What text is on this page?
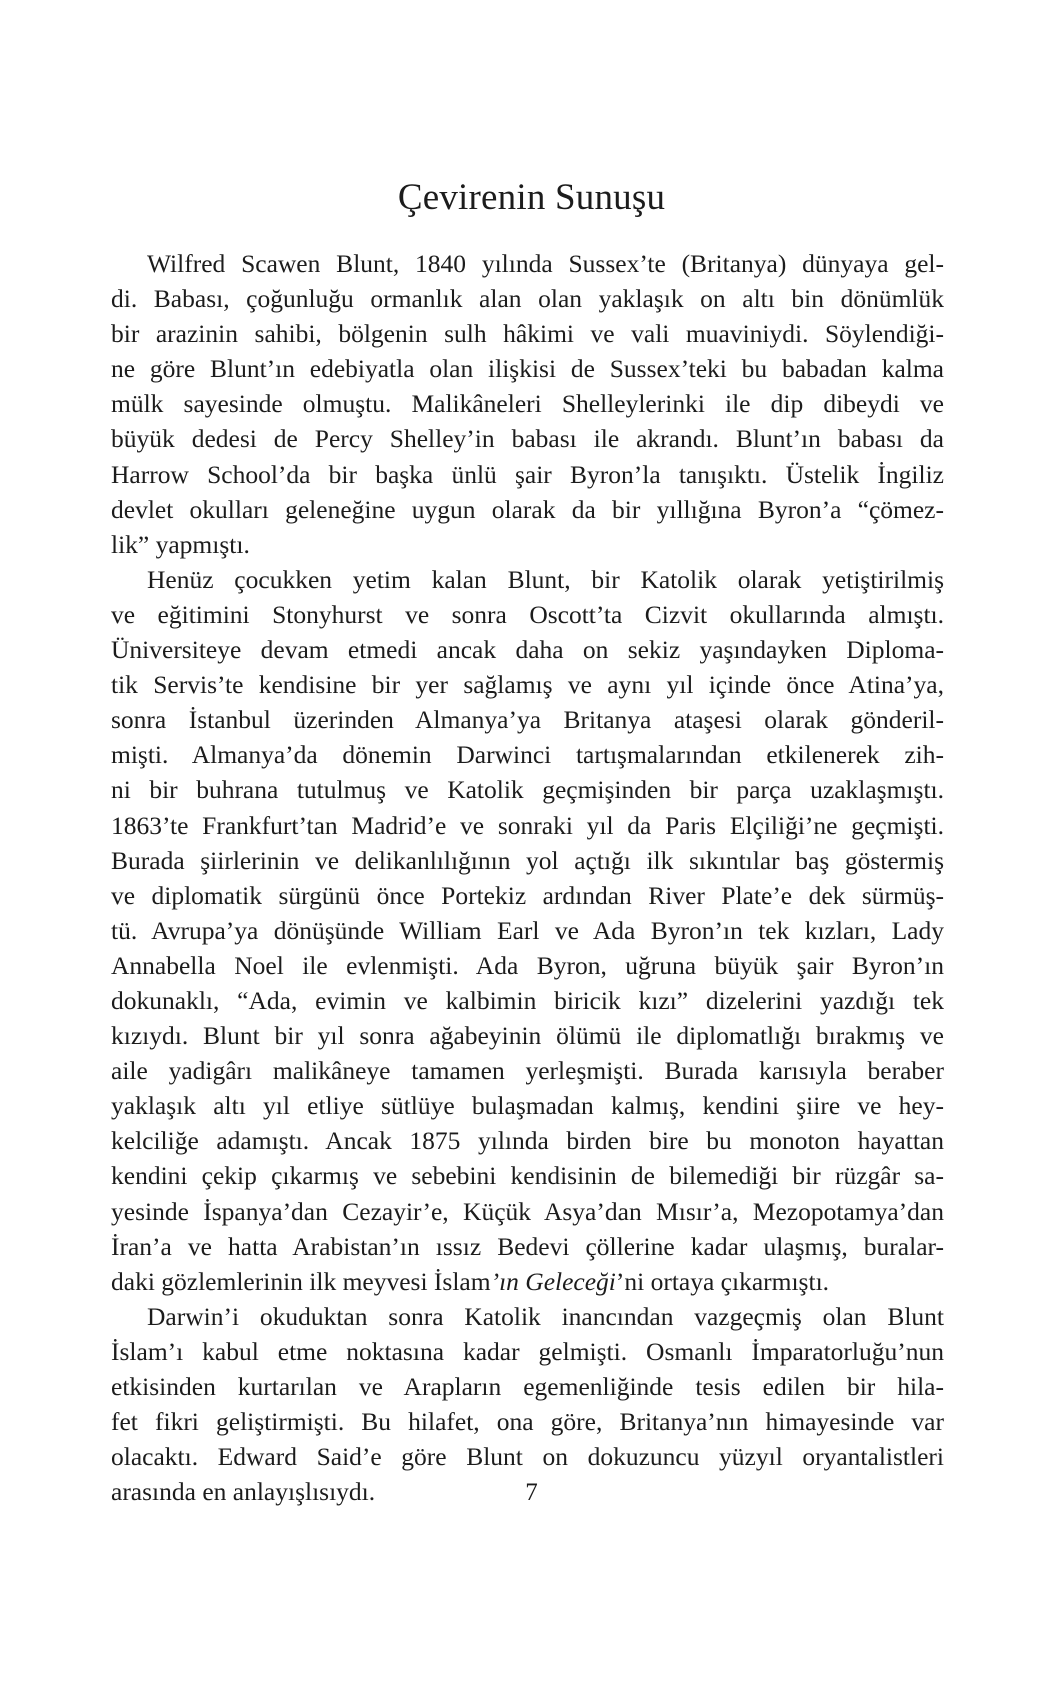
Çevirenin Sunuşu
Wilfred Scawen Blunt, 1840 yılında Sussex’te (Britanya) dünyaya gel-
di. Babası, çoğunluğu ormanlık alan olan yaklaşık on altı bin dönümlük
bir arazinin sahibi, bölgenin sulh hâkimi ve vali muaviniydi. Söylendiği-
ne göre Blunt’ın edebiyatla olan ilişkisi de Sussex’teki bu babadan kalma
mülk sayesinde olmuştu. Malikâneleri Shelleylerinki ile dip dibeydi ve
büyük dedesi de Percy Shelley’in babası ile akrandı. Blunt’ın babası da
Harrow School’da bir başka ünlü şair Byron’la tanışıktı. Üstelik İngiliz
devlet okulları geleneğine uygun olarak da bir yıllığına Byron’a “çömez-
lik” yapmıştı.
Henüz çocukken yetim kalan Blunt, bir Katolik olarak yetiştirilmiş
ve eğitimini Stonyhurst ve sonra Oscott’ta Cizvit okullarında almıştı.
Üniversiteye devam etmedi ancak daha on sekiz yaşındayken Diploma-
tik Servis’te kendisine bir yer sağlamış ve aynı yıl içinde önce Atina’ya,
sonra İstanbul üzerinden Almanya’ya Britanya ataşesi olarak gönderil-
mişti. Almanya’da dönemin Darwinci tartışmalarından etkilenerek zih-
ni bir buhrana tutulmuş ve Katolik geçmişinden bir parça uzaklaşmıştı.
1863’te Frankfurt’tan Madrid’e ve sonraki yıl da Paris Elçiliği’ne geçmişti.
Burada şiirlerinin ve delikanlılığının yol açtığı ilk sıkıntılar baş göstermiş
ve diplomatik sürgünü önce Portekiz ardından River Plate’e dek sürmüş-
tü. Avrupa’ya dönüşünde William Earl ve Ada Byron’ın tek kızları, Lady
Annabella Noel ile evlenmişti. Ada Byron, uğruna büyük şair Byron’ın
dokunaklı, “Ada, evimin ve kalbimin biricik kızı” dizelerini yazdığı tek
kızıydı. Blunt bir yıl sonra ağabeyinin ölümü ile diplomatlığı bırakmış ve
aile yadigârı malikâneye tamamen yerleşmişti. Burada karısıyla beraber
yaklaşık altı yıl etliye sütlüye bulaşmadan kalmış, kendini şiire ve hey-
kelciliğe adamıştı. Ancak 1875 yılında birden bire bu monoton hayattan
kendini çekip çıkarmış ve sebebini kendisinin de bilemediği bir rüzgâr sa-
yesinde İspanya’dan Cezayir’e, Küçük Asya’dan Mısır’a, Mezopotamya’dan
İran’a ve hatta Arabistan’ın ıssız Bedevi çöllerine kadar ulaşmış, buralar-
daki gözlemlerinin ilk meyvesi İslam’ın Geleceği’ni ortaya çıkarmıştı.
Darwin’i okuduktan sonra Katolik inancından vazgeçmiş olan Blunt
İslam’ı kabul etme noktasına kadar gelmişti. Osmanlı İmparatorluğu’nun
etkisinden kurtarılan ve Arapların egemenliğinde tesis edilen bir hila-
fet fikri geliştirmişti. Bu hilafet, ona göre, Britanya’nın himayesinde var
olacaktı. Edward Said’e göre Blunt on dokuzuncu yüzyıl oryantalistleri
arasında en anlayışlısıydı.	7
